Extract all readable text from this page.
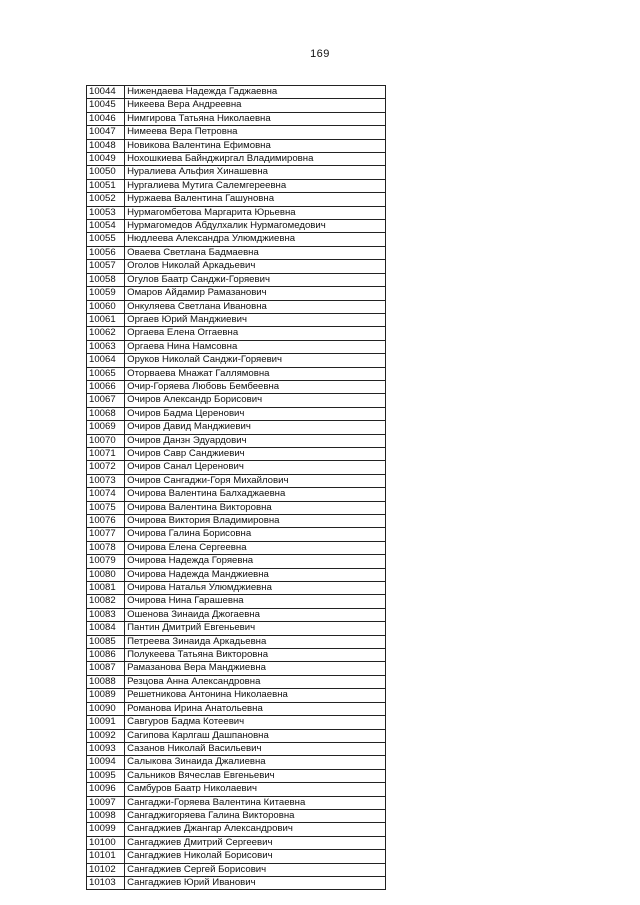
169
10044	Нижендаева Надежда Гаджаевна
10045	Никеева Вера Андреевна
10046	Нимгирова Татьяна Николаевна
10047	Нимеева Вера Петровна
10048	Новикова Валентина Ефимовна
10049	Нохошкиева Байнджиргал Владимировна
10050	Нуралиева Альфия Хинашевна
10051	Нургалиева Мутига Салемгереевна
10052	Нуржаева Валентина Гашуновна
10053	Нурмагомбетова Маргарита Юрьевна
10054	Нурмагомедов Абдулхалик Нурмагомедович
10055	Нюдлеева Александра Улюмджиевна
10056	Оваева Светлана Бадмаевна
10057	Оголов Николай Аркадьевич
10058	Огулов Баатр Санджи-Горяевич
10059	Омаров Айдамир Рамазанович
10060	Онкуляева Светлана Ивановна
10061	Оргаев Юрий Манджиевич
10062	Оргаева Елена Оггаевна
10063	Оргаева Нина Намсовна
10064	Оруков Николай Санджи-Горяевич
10065	Оторваева Мнажат Галлямовна
10066	Очир-Горяева Любовь Бембеевна
10067	Очиров Александр Борисович
10068	Очиров Бадма Церенович
10069	Очиров Давид Манджиевич
10070	Очиров Данзн Эдуардович
10071	Очиров Савр Санджиевич
10072	Очиров Санал Церенович
10073	Очиров Сангаджи-Горя Михайлович
10074	Очирова Валентина Балхаджаевна
10075	Очирова Валентина Викторовна
10076	Очирова Виктория Владимировна
10077	Очирова Галина Борисовна
10078	Очирова Елена Сергеевна
10079	Очирова Надежда Горяевна
10080	Очирова Надежда Манджиевна
10081	Очирова Наталья Улюмджиевна
10082	Очирова Нина Гарашевна
10083	Ошенова Зинаида Джогаевна
10084	Пантин Дмитрий Евгеньевич
10085	Петреева Зинаида Аркадьевна
10086	Полукеева Татьяна Викторовна
10087	Рамазанова Вера Манджиевна
10088	Резцова Анна Александровна
10089	Решетникова Антонина Николаевна
10090	Романова Ирина Анатольевна
10091	Савгуров Бадма Котеевич
10092	Сагипова Карлгаш Дашпановна
10093	Сазанов Николай Васильевич
10094	Салыкова Зинаида Джалиевна
10095	Сальников Вячеслав Евгеньевич
10096	Самбуров Баатр Николаевич
10097	Сангаджи-Горяева Валентина Китаевна
10098	Сангаджигоряева Галина Викторовна
10099	Сангаджиев Джангар Александрович
10100	Сангаджиев Дмитрий Сергеевич
10101	Сангаджиев Николай Борисович
10102	Сангаджиев Сергей Борисович
10103	Сангаджиев Юрий Иванович
